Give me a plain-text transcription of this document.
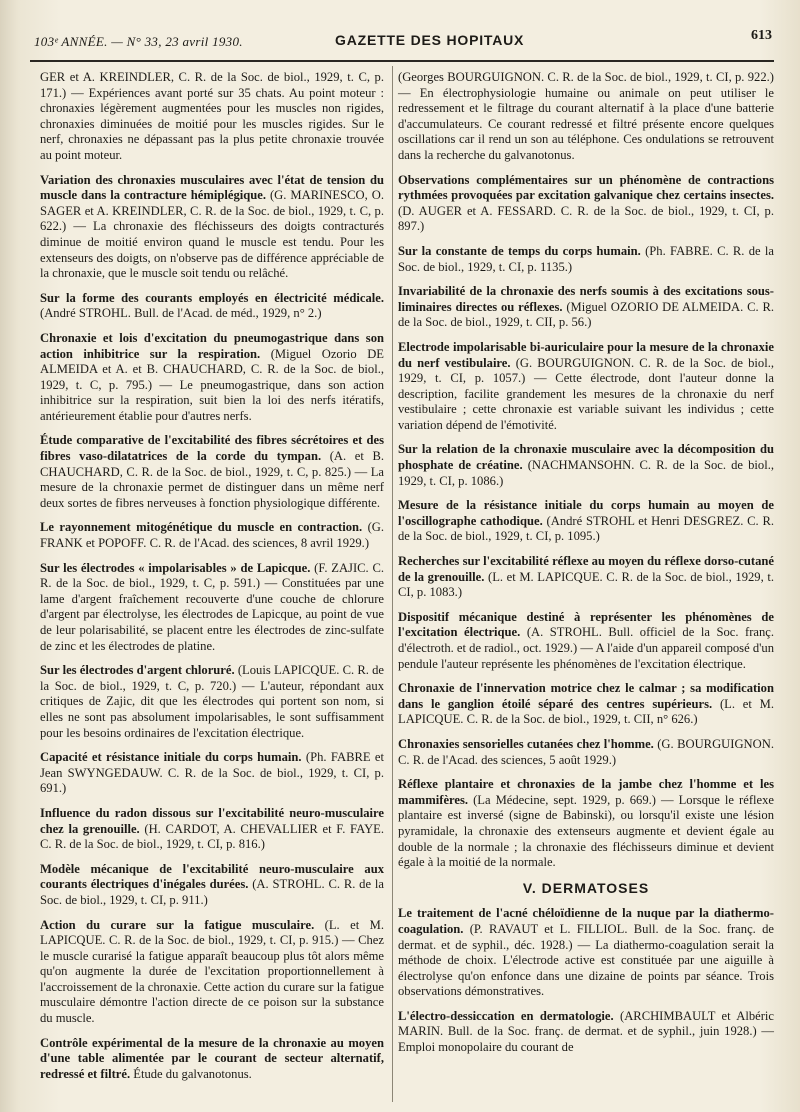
103ᵉ ANNÉE. — N° 33, 23 avril 1930.	GAZETTE DES HOPITAUX	613

GER et A. KREINDLER, C. R. de la Soc. de biol., 1929, t. C, p. 171.) — Expériences avant porté sur 35 chats. Au point moteur : chronaxies légèrement augmentées pour les muscles non rigides, chronaxies diminuées de moitié pour les muscles rigides. Sur le nerf, chronaxies ne dépassant pas la plus petite chronaxie trouvée au point moteur.

Variation des chronaxies musculaires avec l'état de tension du muscle dans la contracture hémiplégique. (G. MARINESCO, O. SAGER et A. KREINDLER, C. R. de la Soc. de biol., 1929, t. C, p. 622.) — La chronaxie des fléchisseurs des doigts contracturés diminue de moitié environ quand le muscle est tendu. Pour les extenseurs des doigts, on n'observe pas de différence appréciable de la chronaxie, que le muscle soit tendu ou relâché.

Sur la forme des courants employés en électricité médicale. (André STROHL. Bull. de l'Acad. de méd., 1929, n° 2.)

Chronaxie et lois d'excitation du pneumogastrique dans son action inhibitrice sur la respiration. (Miguel Ozorio DE ALMEIDA et A. et B. CHAUCHARD, C. R. de la Soc. de biol., 1929, t. C, p. 795.) — Le pneumogastrique, dans son action inhibitrice sur la respiration, suit bien la loi des nerfs itératifs, antérieurement établie pour d'autres nerfs.

Étude comparative de l'excitabilité des fibres sécrétoires et des fibres vaso-dilatatrices de la corde du tympan. (A. et B. CHAUCHARD, C. R. de la Soc. de biol., 1929, t. C, p. 825.) — La mesure de la chronaxie permet de distinguer dans un même nerf deux sortes de fibres nerveuses à fonction physiologique différente.

Le rayonnement mitogénétique du muscle en contraction. (G. FRANK et POPOFF. C. R. de l'Acad. des sciences, 8 avril 1929.)

Sur les électrodes « impolarisables » de Lapicque. (F. ZAJIC. C. R. de la Soc. de biol., 1929, t. C, p. 591.) — Constituées par une lame d'argent fraîchement recouverte d'une couche de chlorure d'argent par électrolyse, les électrodes de Lapicque, au point de vue de leur polarisabilité, se placent entre les électrodes de zinc-sulfate de zinc et les électrodes de platine.

Sur les électrodes d'argent chloruré. (Louis LAPICQUE. C. R. de la Soc. de biol., 1929, t. C, p. 720.) — L'auteur, répondant aux critiques de Zajic, dit que les électrodes qui portent son nom, si elles ne sont pas absolument impolarisables, le sont suffisamment pour les besoins ordinaires de l'excitation électrique.

Capacité et résistance initiale du corps humain. (Ph. FABRE et Jean SWYNGEDAUW. C. R. de la Soc. de biol., 1929, t. CI, p. 691.)

Influence du radon dissous sur l'excitabilité neuro-musculaire chez la grenouille. (H. CARDOT, A. CHEVALLIER et F. FAYE. C. R. de la Soc. de biol., 1929, t. CI, p. 816.)

Modèle mécanique de l'excitabilité neuro-musculaire aux courants électriques d'inégales durées. (A. STROHL. C. R. de la Soc. de biol., 1929, t. CI, p. 911.)

Action du curare sur la fatigue musculaire. (L. et M. LAPICQUE. C. R. de la Soc. de biol., 1929, t. CI, p. 915.) — Chez le muscle curarisé la fatigue apparaît beaucoup plus tôt alors même qu'on augmente la durée de l'excitation proportionnellement à l'accroissement de la chronaxie. Cette action du curare sur la fatigue musculaire démontre l'action directe de ce poison sur la substance du muscle.

Contrôle expérimental de la mesure de la chronaxie au moyen d'une table alimentée par le courant de secteur alternatif, redressé et filtré. Étude du galvanotonus.

(Georges BOURGUIGNON. C. R. de la Soc. de biol., 1929, t. CI, p. 922.) — En électrophysiologie humaine ou animale on peut utiliser le redressement et le filtrage du courant alternatif à la place d'une batterie d'accumulateurs. Ce courant redressé et filtré présente encore quelques oscillations car il rend un son au téléphone. Ces ondulations se retrouvent dans la recherche du galvanotonus.

Observations complémentaires sur un phénomène de contractions rythmées provoquées par excitation galvanique chez certains insectes. (D. AUGER et A. FESSARD. C. R. de la Soc. de biol., 1929, t. CI, p. 897.)

Sur la constante de temps du corps humain. (Ph. FABRE. C. R. de la Soc. de biol., 1929, t. CI, p. 1135.)

Invariabilité de la chronaxie des nerfs soumis à des excitations sous-liminaires directes ou réflexes. (Miguel OZORIO DE ALMEIDA. C. R. de la Soc. de biol., 1929, t. CII, p. 56.)

Electrode impolarisable bi-auriculaire pour la mesure de la chronaxie du nerf vestibulaire. (G. BOURGUIGNON. C. R. de la Soc. de biol., 1929, t. CI, p. 1057.) — Cette électrode, dont l'auteur donne la description, facilite grandement les mesures de la chronaxie du nerf vestibulaire ; cette chronaxie est variable suivant les individus ; cette variation dépend de l'émotivité.

Sur la relation de la chronaxie musculaire avec la décomposition du phosphate de créatine. (NACHMANSOHN. C. R. de la Soc. de biol., 1929, t. CI, p. 1086.)

Mesure de la résistance initiale du corps humain au moyen de l'oscillographe cathodique. (André STROHL et Henri DESGREZ. C. R. de la Soc. de biol., 1929, t. CI, p. 1095.)

Recherches sur l'excitabilité réflexe au moyen du réflexe dorso-cutané de la grenouille. (L. et M. LAPICQUE. C. R. de la Soc. de biol., 1929, t. CI, p. 1083.)

Dispositif mécanique destiné à représenter les phénomènes de l'excitation électrique. (A. STROHL. Bull. officiel de la Soc. franç. d'électroth. et de radiol., oct. 1929.) — A l'aide d'un appareil composé d'un pendule l'auteur représente les phénomènes de l'excitation électrique.

Chronaxie de l'innervation motrice chez le calmar ; sa modification dans le ganglion étoilé séparé des centres supérieurs. (L. et M. LAPICQUE. C. R. de la Soc. de biol., 1929, t. CII, n° 626.)

Chronaxies sensorielles cutanées chez l'homme. (G. BOURGUIGNON. C. R. de l'Acad. des sciences, 5 août 1929.)

Réflexe plantaire et chronaxies de la jambe chez l'homme et les mammifères. (La Médecine, sept. 1929, p. 669.) — Lorsque le réflexe plantaire est inversé (signe de Babinski), ou lorsqu'il existe une lésion pyramidale, la chronaxie des extenseurs augmente et devient égale au double de la normale ; la chronaxie des fléchisseurs diminue et devient égale à la moitié de la normale.

V. DERMATOSES

Le traitement de l'acné chéloïdienne de la nuque par la diathermo-coagulation. (P. RAVAUT et L. FILLIOL. Bull. de la Soc. franç. de dermat. et de syphil., déc. 1928.) — La diathermo-coagulation serait la méthode de choix. L'électrode active est constituée par une aiguille à électrolyse qu'on enfonce dans une dizaine de points par séance. Trois observations démonstratives.

L'électro-dessiccation en dermatologie. (ARCHIMBAULT et Albéric MARIN. Bull. de la Soc. franç. de dermat. et de syphil., juin 1928.) — Emploi monopolaire du courant de
